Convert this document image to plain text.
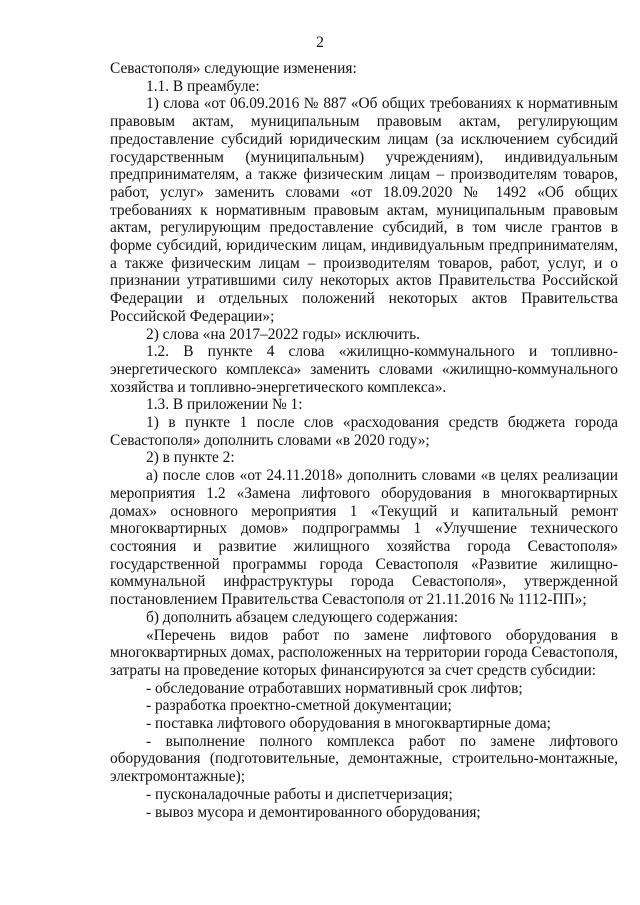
2

Севастополя» следующие изменения:

1.1. В преамбуле:

1) слова «от 06.09.2016 № 887 «Об общих требованиях к нормативным правовым актам, муниципальным правовым актам, регулирующим предоставление субсидий юридическим лицам (за исключением субсидий государственным (муниципальным) учреждениям), индивидуальным предпринимателям, а также физическим лицам – производителям товаров, работ, услуг» заменить словами «от 18.09.2020 № 1492 «Об общих требованиях к нормативным правовым актам, муниципальным правовым актам, регулирующим предоставление субсидий, в том числе грантов в форме субсидий, юридическим лицам, индивидуальным предпринимателям, а также физическим лицам – производителям товаров, работ, услуг, и о признании утратившими силу некоторых актов Правительства Российской Федерации и отдельных положений некоторых актов Правительства Российской Федерации»;

2) слова «на 2017–2022 годы» исключить.

1.2. В пункте 4 слова «жилищно-коммунального и топливно-энергетического комплекса» заменить словами «жилищно-коммунального хозяйства и топливно-энергетического комплекса».

1.3. В приложении № 1:

1) в пункте 1 после слов «расходования средств бюджета города Севастополя» дополнить словами «в 2020 году»;

2) в пункте 2:

а) после слов «от 24.11.2018» дополнить словами «в целях реализации мероприятия 1.2 «Замена лифтового оборудования в многоквартирных домах» основного мероприятия 1 «Текущий и капитальный ремонт многоквартирных домов» подпрограммы 1 «Улучшение технического состояния и развитие жилищного хозяйства города Севастополя» государственной программы города Севастополя «Развитие жилищно-коммунальной инфраструктуры города Севастополя», утвержденной постановлением Правительства Севастополя от 21.11.2016 № 1112-ПП»;

б) дополнить абзацем следующего содержания:

«Перечень видов работ по замене лифтового оборудования в многоквартирных домах, расположенных на территории города Севастополя, затраты на проведение которых финансируются за счет средств субсидии:

- обследование отработавших нормативный срок лифтов;

- разработка проектно-сметной документации;

- поставка лифтового оборудования в многоквартирные дома;

- выполнение полного комплекса работ по замене лифтового оборудования (подготовительные, демонтажные, строительно-монтажные, электромонтажные);

- пусконаладочные работы и диспетчеризация;

- вывоз мусора и демонтированного оборудования;
